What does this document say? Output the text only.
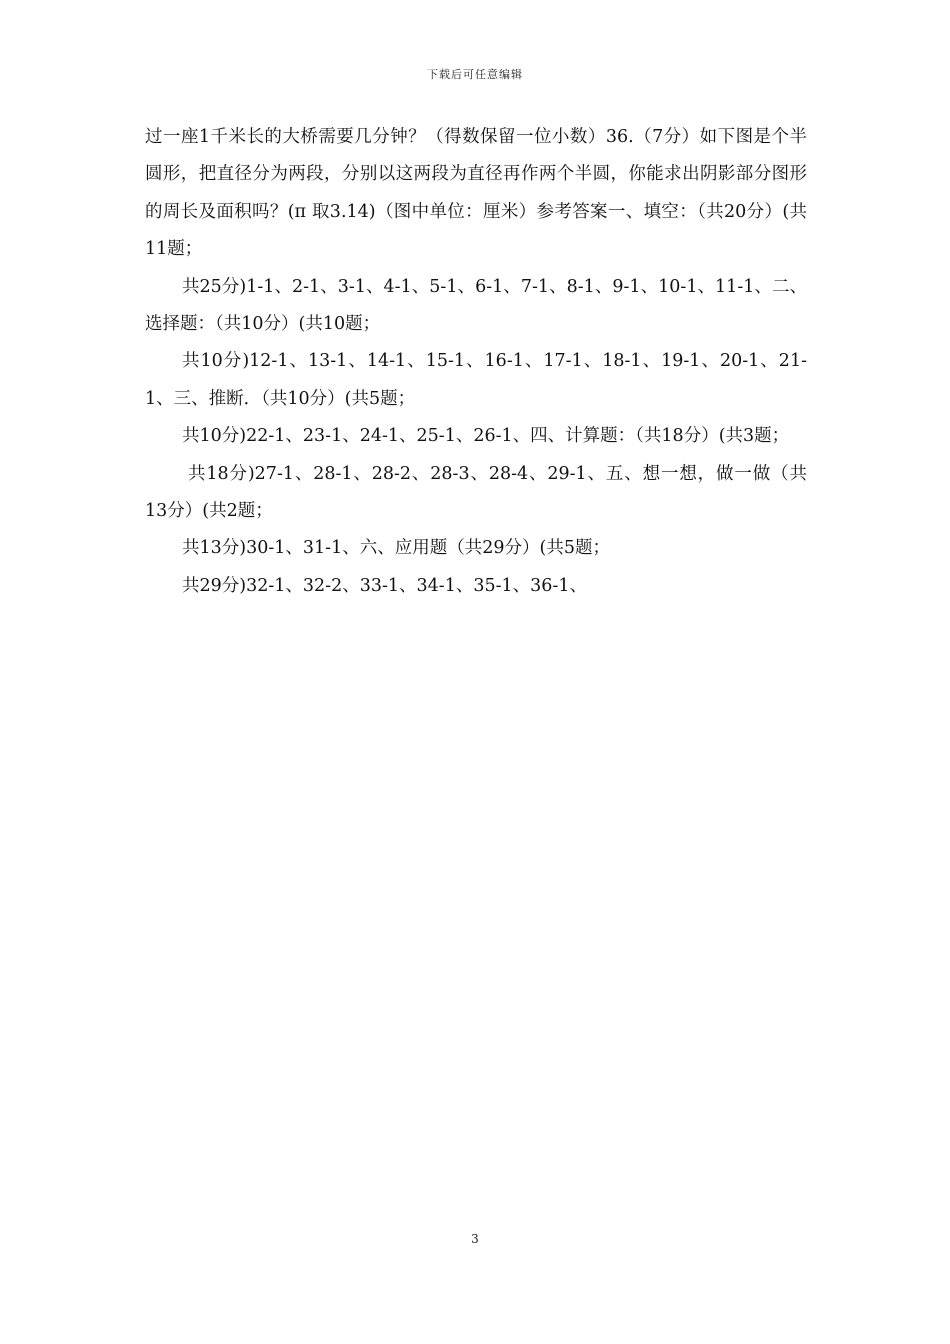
下载后可任意编辑

过一座1千米长的大桥需要几分钟？（得数保留一位小数）36.（7分）如下图是个半圆形，把直径分为两段，分别以这两段为直径再作两个半圆，你能求出阴影部分图形的周长及面积吗？(π 取3.14)（图中单位：厘米）参考答案一、填空：（共20分）(共11题；

共25分)1-1、2-1、3-1、4-1、5-1、6-1、7-1、8-1、9-1、10-1、11-1、二、选择题：（共10分）(共10题；

共10分)12-1、13-1、14-1、15-1、16-1、17-1、18-1、19-1、20-1、21-1、三、推断．（共10分）(共5题；

共10分)22-1、23-1、24-1、25-1、26-1、四、计算题：（共18分）(共3题；

共18分)27-1、28-1、28-2、28-3、28-4、29-1、五、想一想，做一做（共13分）(共2题；

共13分)30-1、31-1、六、应用题（共29分）(共5题；

共29分)32-1、32-2、33-1、34-1、35-1、36-1、

3
